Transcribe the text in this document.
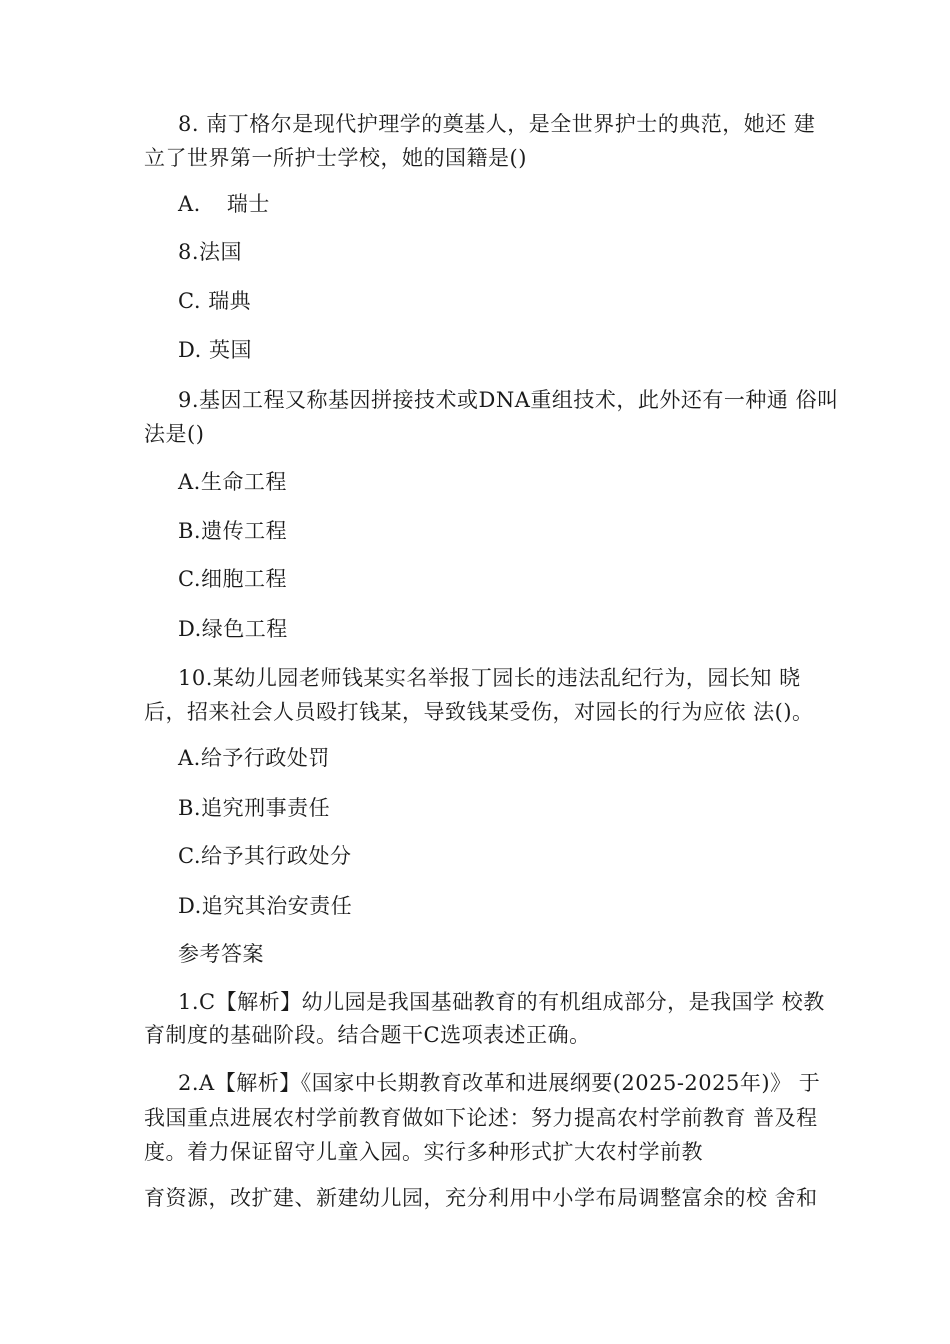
8. 南丁格尔是现代护理学的奠基人，是全世界护士的典范，她还 建
立了世界第一所护士学校，她的国籍是()
A. 瑞士
8.法国
C. 瑞典
D. 英国
9.基因工程又称基因拼接技术或DNA重组技术，此外还有一种通 俗叫
法是()
A.生命工程
B.遗传工程
C.细胞工程
D.绿色工程
10.某幼儿园老师钱某实名举报丁园长的违法乱纪行为，园长知 晓
后，招来社会人员殴打钱某，导致钱某受伤，对园长的行为应依 法()。
A.给予行政处罚
B.追究刑事责任
C.给予其行政处分
D.追究其治安责任
参考答案
1.C【解析】幼儿园是我国基础教育的有机组成部分，是我国学 校教
育制度的基础阶段。结合题干C选项表述正确。
2.A【解析】《国家中长期教育改革和进展纲要(2025-2025年)》 于
我国重点进展农村学前教育做如下论述：努力提高农村学前教育 普及程
度。着力保证留守儿童入园。实行多种形式扩大农村学前教
育资源，改扩建、新建幼儿园，充分利用中小学布局调整富余的校 舍和
